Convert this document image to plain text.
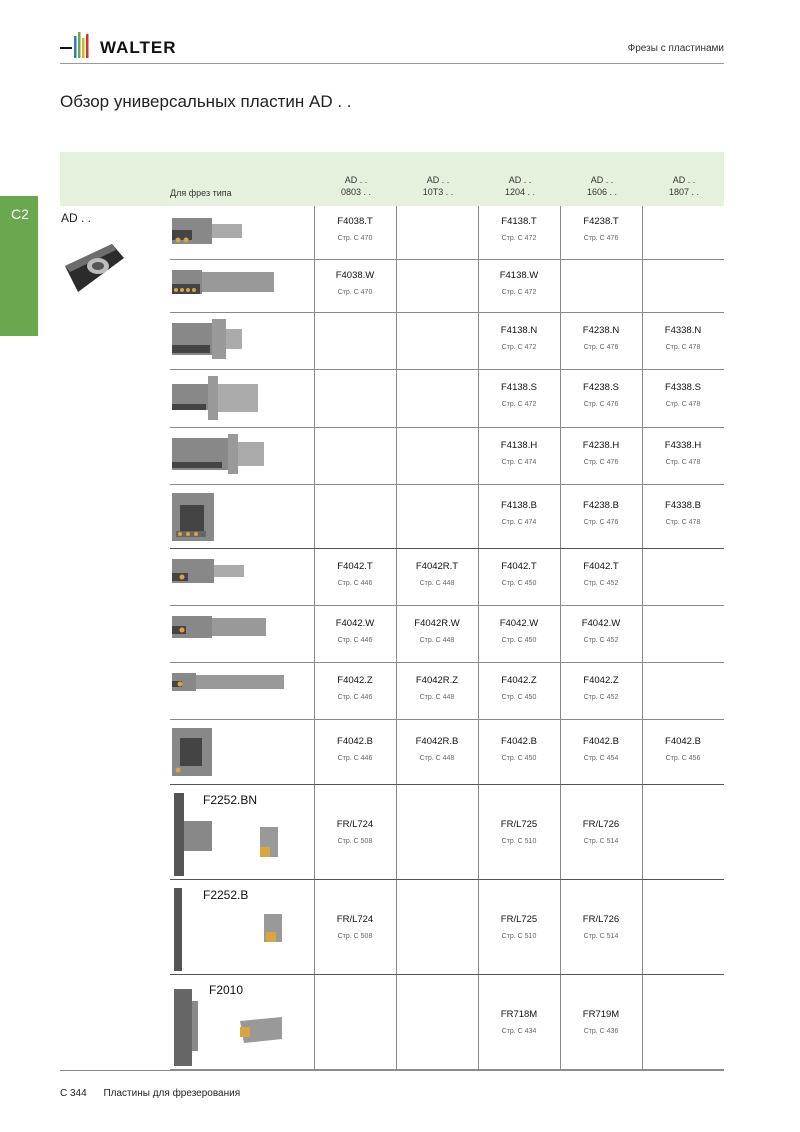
WALTER	Фрезы с пластинами
Обзор универсальных пластин AD . .
C2
Для фрез типа
AD . .
0803 . .
AD . .
10T3 . .
AD . .
1204 . .
AD . .
1606 . .
AD . .
1807 . .
AD . .	F4038.T
Стр. C 470
F4138.T
Стр. C 472
F4238.T
Стр. C 476
F4038.W
Стр. C 470
F4138.W
Стр. C 472
F4138.N
Стр. C 472
F4238.N
Стр. C 476
F4338.N
Стр. C 478
F4138.S
Стр. C 472
F4238.S
Стр. C 476
F4338.S
Стр. C 478
F4138.H
Стр. C 474
F4238.H
Стр. C 476
F4338.H
Стр. C 478
F4138.B
Стр. C 474
F4238.B
Стр. C 476
F4338.B
Стр. C 478
F4042.T
Стр. C 446
F4042R.T
Стр. C 448
F4042.T
Стр. C 450
F4042.T
Стр. C 452
F4042.W
Стр. C 446
F4042R.W
Стр. C 448
F4042.W
Стр. C 450
F4042.W
Стр. C 452
F4042.Z
Стр. C 446
F4042R.Z
Стр. C 448
F4042.Z
Стр. C 450
F4042.Z
Стр. C 452
F4042.B
Стр. C 446
F4042R.B
Стр. C 448
F4042.B
Стр. C 450
F4042.B
Стр. C 454
F4042.B
Стр. C 456
F2252.BN
FR/L724
Стр. C 508
FR/L725
Стр. C 510
FR/L726
Стр. C 514
F2252.B
FR/L724
Стр. C 508
FR/L725
Стр. C 510
FR/L726
Стр. C 514
F2010
FR718M
Стр. C 434
FR719M
Стр. C 436
C 344 Пластины для фрезерования
